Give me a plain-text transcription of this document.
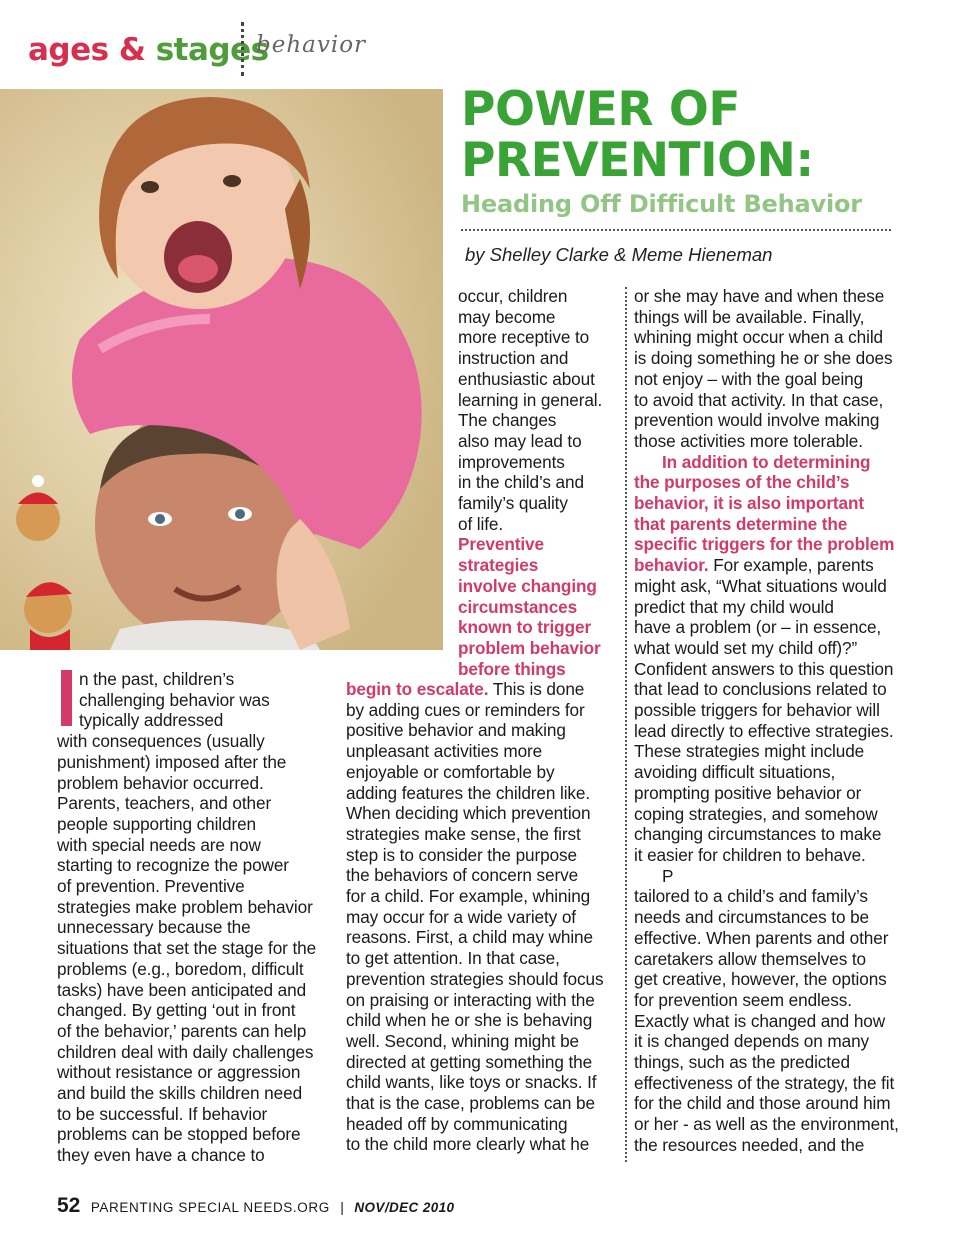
ages & stages
behavior
POWER OF PREVENTION:
Heading Off Difficult Behavior
by Shelley Clarke & Meme Hieneman
n the past, children’s
challenging behavior was
typically addressed
with consequences (usually
punishment) imposed after the
problem behavior occurred.
Parents, teachers, and other
people supporting children
with special needs are now
starting to recognize the power
of prevention. Preventive
strategies make problem behavior
unnecessary because the
situations that set the stage for the
problems (e.g., boredom, difficult
tasks) have been anticipated and
changed. By getting ‘out in front
of the behavior,’ parents can help
children deal with daily challenges
without resistance or aggression
and build the skills children need
to be successful. If behavior
problems can be stopped before
they even have a chance to
occur, children
may become
more receptive to
instruction and
enthusiastic about
learning in general.
The changes
also may lead to
improvements
in the child’s and
family’s quality
of life.
Preventive
strategies
involve changing
circumstances
known to trigger
problem behavior
before things
begin to escalate. This is done
by adding cues or reminders for
positive behavior and making
unpleasant activities more
enjoyable or comfortable by
adding features the children like.
When deciding which prevention
strategies make sense, the first
step is to consider the purpose
the behaviors of concern serve
for a child. For example, whining
may occur for a wide variety of
reasons. First, a child may whine
to get attention. In that case,
prevention strategies should focus
on praising or interacting with the
child when he or she is behaving
well. Second, whining might be
directed at getting something the
child wants, like toys or snacks. If
that is the case, problems can be
headed off by communicating
to the child more clearly what he
or she may have and when these
things will be available. Finally,
whining might occur when a child
is doing something he or she does
not enjoy – with the goal being
to avoid that activity. In that case,
prevention would involve making
those activities more tolerable.
In addition to determining
the purposes of the child’s
behavior, it is also important
that parents determine the
specific triggers for the problem
behavior. For example, parents
might ask, “What situations would
predict that my child would
have a problem (or – in essence,
what would set my child off)?”
Confident answers to this question
that lead to conclusions related to
possible triggers for behavior will
lead directly to effective strategies.
These strategies might include
avoiding difficult situations,
prompting positive behavior or
coping strategies, and somehow
changing circumstances to make
it easier for children to behave.
P
tailored to a child’s and family’s
needs and circumstances to be
effective. When parents and other
caretakers allow themselves to
get creative, however, the options
for prevention seem endless.
Exactly what is changed and how
it is changed depends on many
things, such as the predicted
effectiveness of the strategy, the fit
for the child and those around him
or her - as well as the environment,
the resources needed, and the
52 PARENTING SPECIAL NEEDS.ORG | NOV/DEC 2010
